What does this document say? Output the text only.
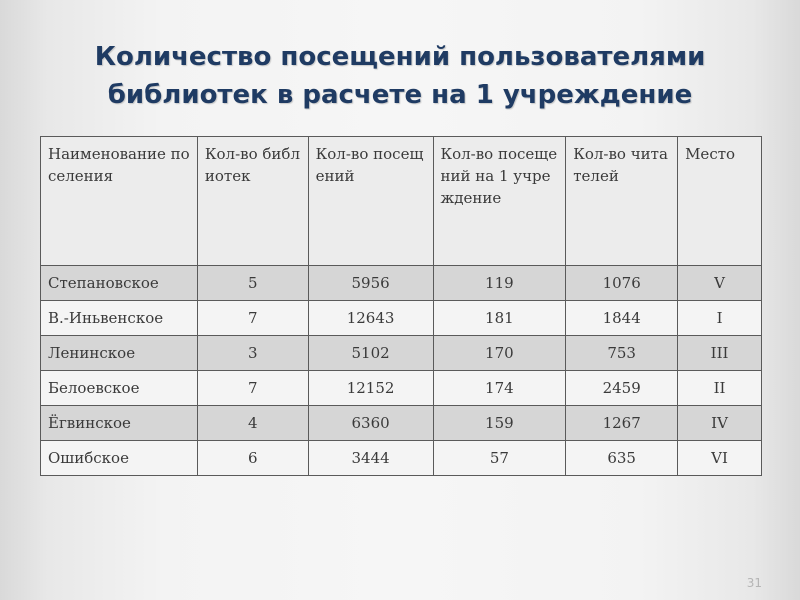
Количество посещений пользователями
библиотек в расчете на 1 учреждение
Наименование поселения	Кол-во библиотек	Кол-во посещений	Кол-во посещений на 1 учреждение	Кол-во читателей	Место
Степановское	5	5956	119	1076	V
В.-Иньвенское	7	12643	181	1844	I
Ленинское	3	5102	170	753	III
Белоевское	7	12152	174	2459	II
Ёгвинское	4	6360	159	1267	IV
Ошибское	6	3444	57	635	VI
31
